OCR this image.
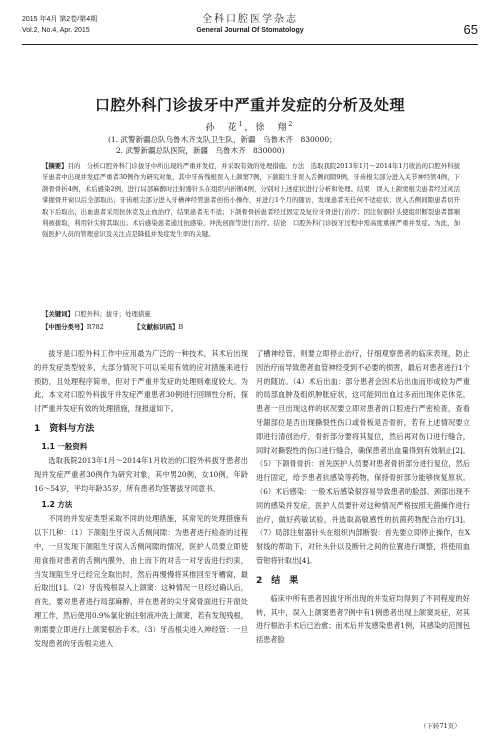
2015 年4月 第2卷/第4期
Vol.2, No.4, Apr. 2015
全科口腔医学杂志
General Journal Of Stomatology	65
口腔外科门诊拔牙中严重并发症的分析及处理
孙　花$^1$，徐　翔$^2$
(1. 武警新疆总队乌鲁木齐支队卫生队，新疆　乌鲁木齐　830000；
2. 武警新疆总队医院，新疆　乌鲁木齐　830000)

【摘要】目的　分析口腔外科门诊拔牙中所出现的严重并发症，并采取有效的处理措施。方法　选取我院2013年1月～2014年1月收治的口腔外科拔牙患者中出现并发症严重者30例作为研究对象，其中牙齿残根误入上颌窦7例，下颌阻生牙误入舌侧间隙9例，牙齿根尖部分进入关节神经管4例，下颌骨骨折4例，术后感染2例，进行局部麻醉时注射器针头在组织内折断4例，分别对上述症状进行分析和处理。结果　误入上颌窦根尖患者经过灵活掌握骨开窗以后全部取出；牙齿根尖部分进入牙槽神经管患者创伤小操作，并进行1个月的随访，发现患者无任何不适症状；误入舌侧间隙患者切开取下后取出；出血患者采用抗休克及止血治疗，结果患者无不适；下颌骨骨折患者经过固定及复位牙骨进行治疗；因注射器针头使组织断裂患者都顺利被拔取，利用针尖将其取出；术后感染患者通过抗感染、冲洗创面等进行治疗。结论　口腔外科门诊拔牙过程中需高度重视严重并发症。为此，加强医护人员的管理意识及关注点是降低并发症发生率的关键。

【关键词】口腔外科；拔牙；处理措施
【中图分类号】R782	【文献标识码】B

拔牙是口腔外科工作中应用最为广泛的一种技术，其术后出现的并发症类型较多，大部分情况下可以采用有效的应对措施来进行预防，且处理程序简单，但对于严重并发症的处理则难度较大。为此，本文对口腔外科拔牙并发症严重患者30例进行回顾性分析，探讨严重并发症有效的处理措施，现报道如下。

1　资料与方法
1.1 一般资料

选取我院2013年1月～2014年1月收治的口腔外科拔牙患者出现并发症严重者30例作为研究对象，其中男20例，女10例，年龄16～54岁，平均年龄35岁，所有患者均签署拔牙同意书。

1.2 方法

不同的并发症类型采取不同的处理措施，其常见的处理措施有以下几种：（1）下颌阻生牙误入舌侧间隙：为患者进行检查的过程中，一旦发现下颌阻生牙误入舌侧间隙的情况，医护人员要立即使用食指对患者的舌侧内膜外，由上而下的对舌一对牙齿进行约束，当发现阻生牙已经完全取出时，然后再慢慢将其推回至牙槽窝，最后取出[1]。（2）牙齿残根误入上颌窦：这种情况一旦经过确认后，首先，要对患者进行局部麻醉，并在患者的尖牙窝骨面进行开窗处理工作，然后使用0.9%氯化钠注射液冲洗上颌窦，若有发现残根，则需要立即进行上颌窦根治手术。（3）牙齿根尖进入神经管：一旦发现患者的牙齿根尖进入

了槽神经管，则要立即停止治疗，仔细观察患者的临床表现，防止因治疗而导致患者血管神经受到不必要的损害，最后对患者进行1个月的随访。（4）术后出血：部分患者会因术后出血而形成较为严重的局部血肿及组织肿胀症状，这可能同出血过多而出现休克休克，患者一旦出现这样的状况要立即对患者的口腔进行严密检查，查看牙龈部位是否出现撕裂性伤口或骨板是否骨折，若有上述情况要立即进行清创治疗，骨折部分要将其复位，然后再对伤口进行缝合，同时对撕裂性的伤口进行缝合，确保患者出血量得到有效制止[2]。（5）下颌骨骨折：首先医护人员要对患者骨折部分进行复位，然后进行固定，给予患者抗感染等药物，保持骨折部分能够恢复原状。（6）术后感染：一般术后感染很容易导致患者的脸部、颈部出现不同的感染并发症，医护人员要针对这种情况严格按照无菌操作进行治疗，做好药敏试验，并选取高敏感性的抗菌药物配合治疗[3]。（7）局部注射器针头在组织内部断裂：首先要立即停止操作，在X射线的帮助下，对针头针以及断针之间的位置进行调整，将使用血管钳将针取出[4]。

2　结　果

临床中所有患者因拔牙所出现的并发症均得到了不同程度的好转，其中，误入上颌窦患者7例中有1例患者出现上颌窦炎症，对其进行根治手术后已治愈；而术后并发感染患者1例，其感染的范围包括患者脸

（下转71页）
